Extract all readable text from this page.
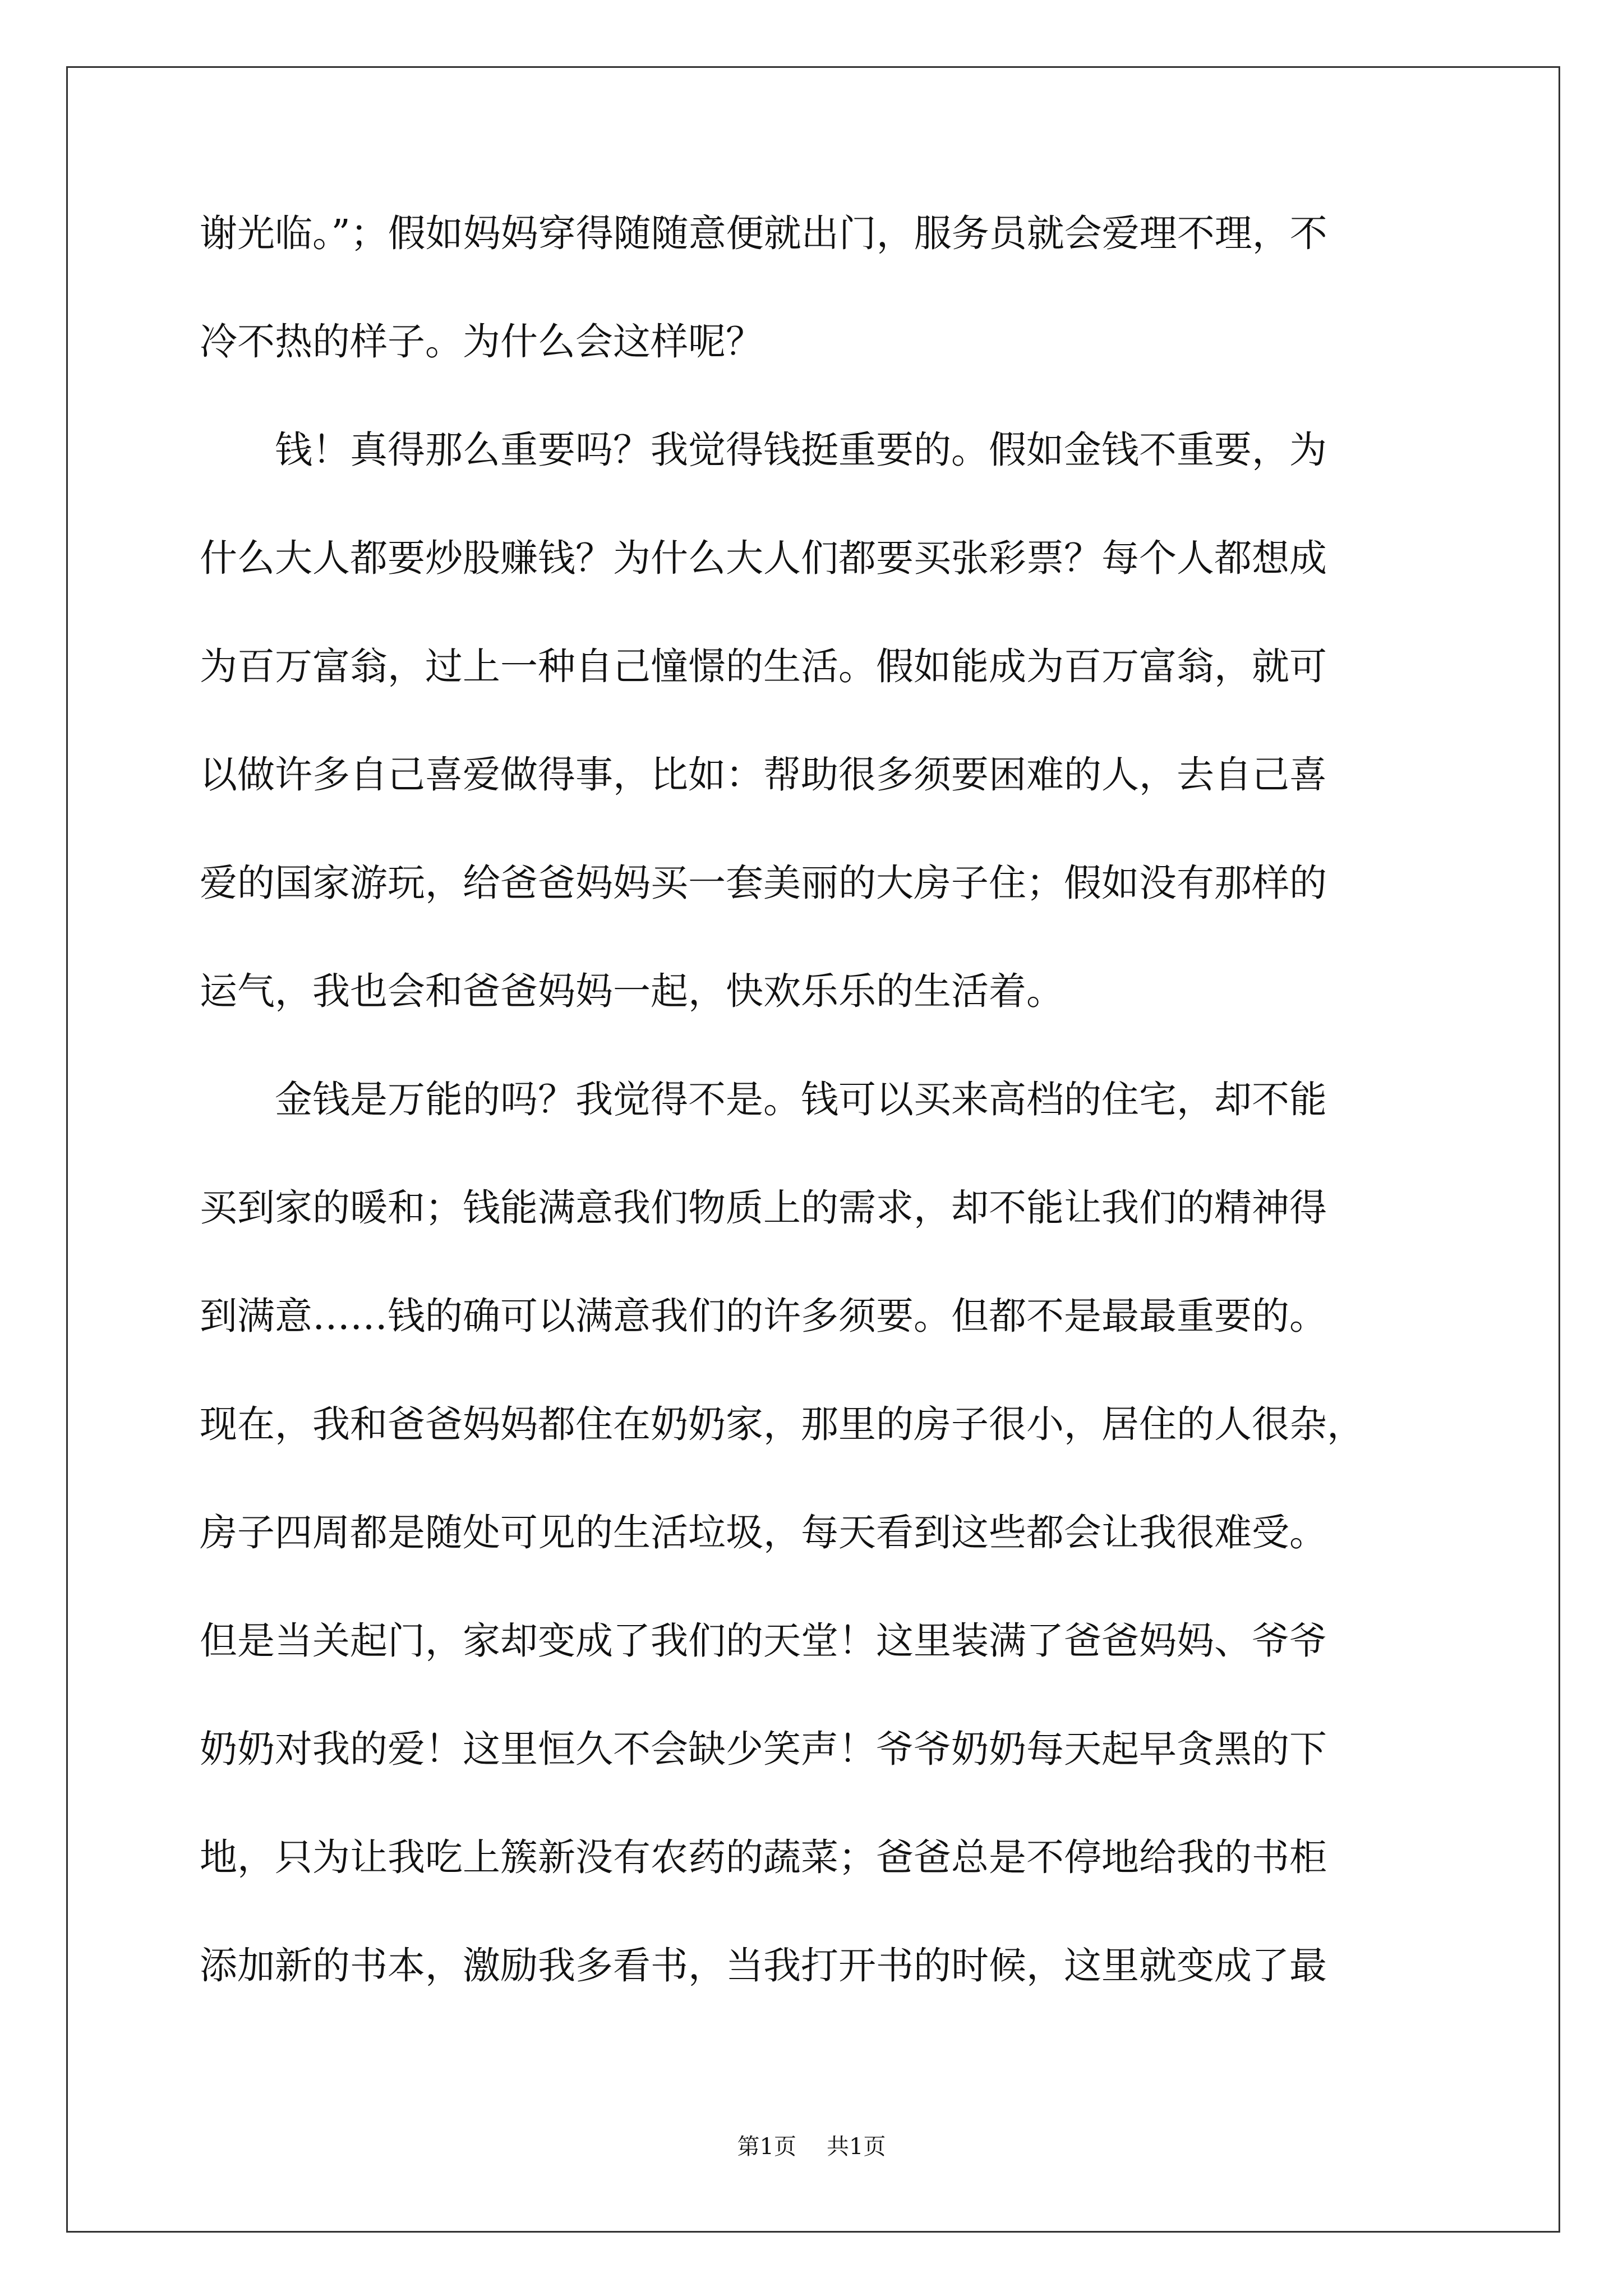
谢光临。”；假如妈妈穿得随随意便就出门，服务员就会爱理不理，不
冷不热的样子。为什么会这样呢？
钱！真得那么重要吗？我觉得钱挺重要的。假如金钱不重要，为
什么大人都要炒股赚钱？为什么大人们都要买张彩票？每个人都想成
为百万富翁，过上一种自己憧憬的生活。假如能成为百万富翁，就可
以做许多自己喜爱做得事，比如：帮助很多须要困难的人，去自己喜
爱的国家游玩，给爸爸妈妈买一套美丽的大房子住；假如没有那样的
运气，我也会和爸爸妈妈一起，快欢乐乐的生活着。
金钱是万能的吗？我觉得不是。钱可以买来高档的住宅，却不能
买到家的暖和；钱能满意我们物质上的需求，却不能让我们的精神得
到满意……钱的确可以满意我们的许多须要。但都不是最最重要的。
现在，我和爸爸妈妈都住在奶奶家，那里的房子很小，居住的人很杂，
房子四周都是随处可见的生活垃圾，每天看到这些都会让我很难受。
但是当关起门，家却变成了我们的天堂！这里装满了爸爸妈妈、爷爷
奶奶对我的爱！这里恒久不会缺少笑声！爷爷奶奶每天起早贪黑的下
地，只为让我吃上簇新没有农药的蔬菜；爸爸总是不停地给我的书柜
添加新的书本，激励我多看书，当我打开书的时候，这里就变成了最
第1页 共1页
